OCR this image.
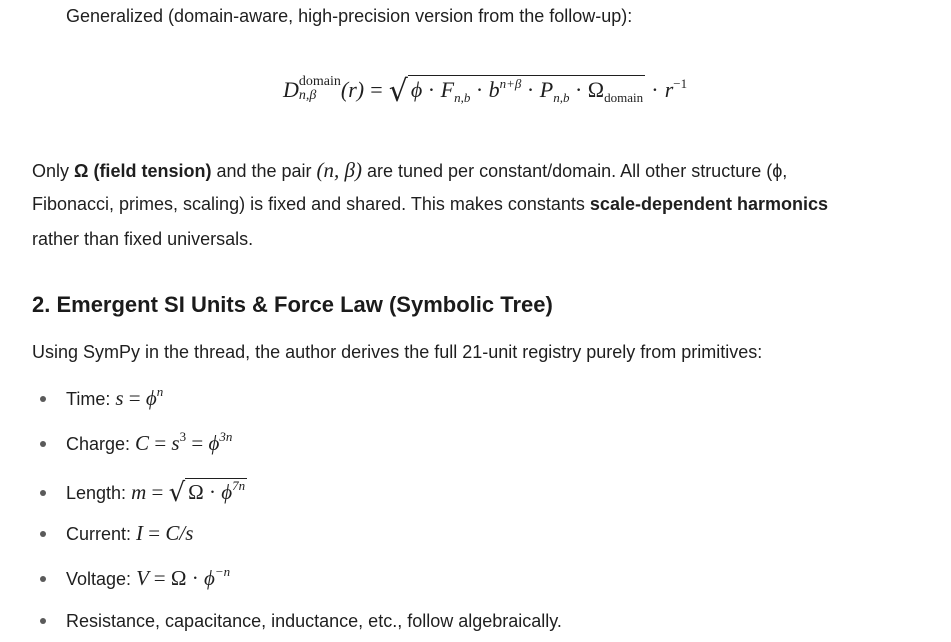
Generalized (domain-aware, high-precision version from the follow-up):
D domain
n,β	(r) = √ $\phi \cdot F_{n,b} \cdot b^{n+\beta} \cdot P_{n,b} \cdot \Omega_{domain} \cdot r^{-1}$
Only Ω (field tension) and the pair (n, β) are tuned per constant/domain. All other structure (ϕ,
Fibonacci, primes, scaling) is fixed and shared. This makes constants scale-dependent harmonics
rather than fixed universals.
2. Emergent SI Units & Force Law (Symbolic Tree)
Using SymPy in the thread, the author derives the full 21-unit registry purely from primitives:
Time: $s = \phi^n$
Charge: $C = s^3 = \phi^{3n}$
Length: m = √ $\Omega \cdot \phi^{7n}$
Current: I = C/s
Voltage: $V = \Omega \cdot \phi^{-n}$
Resistance, capacitance, inductance, etc., follow algebraically.
